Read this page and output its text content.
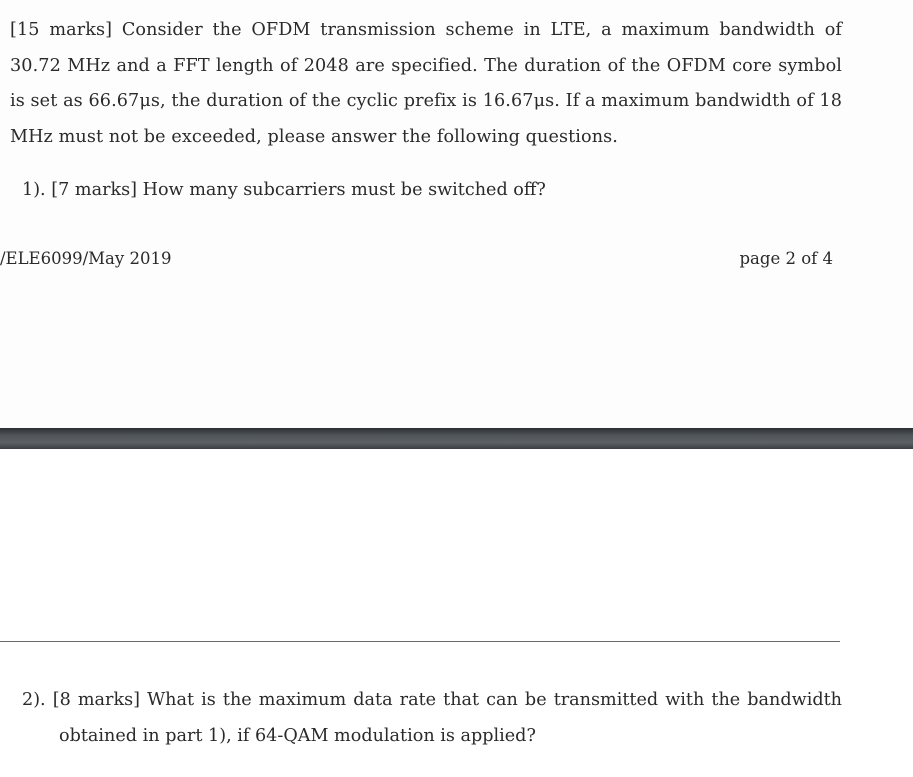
[15 marks] Consider the OFDM transmission scheme in LTE, a maximum bandwidth of 30.72 MHz and a FFT length of 2048 are specified. The duration of the OFDM core symbol is set as 66.67μs, the duration of the cyclic prefix is 16.67μs. If a maximum bandwidth of 18 MHz must not be exceeded, please answer the following questions.

1). [7 marks] How many subcarriers must be switched off?

/ELE6099/May 2019	page 2 of 4

2). [8 marks] What is the maximum data rate that can be transmitted with the bandwidth obtained in part 1), if 64-QAM modulation is applied?
